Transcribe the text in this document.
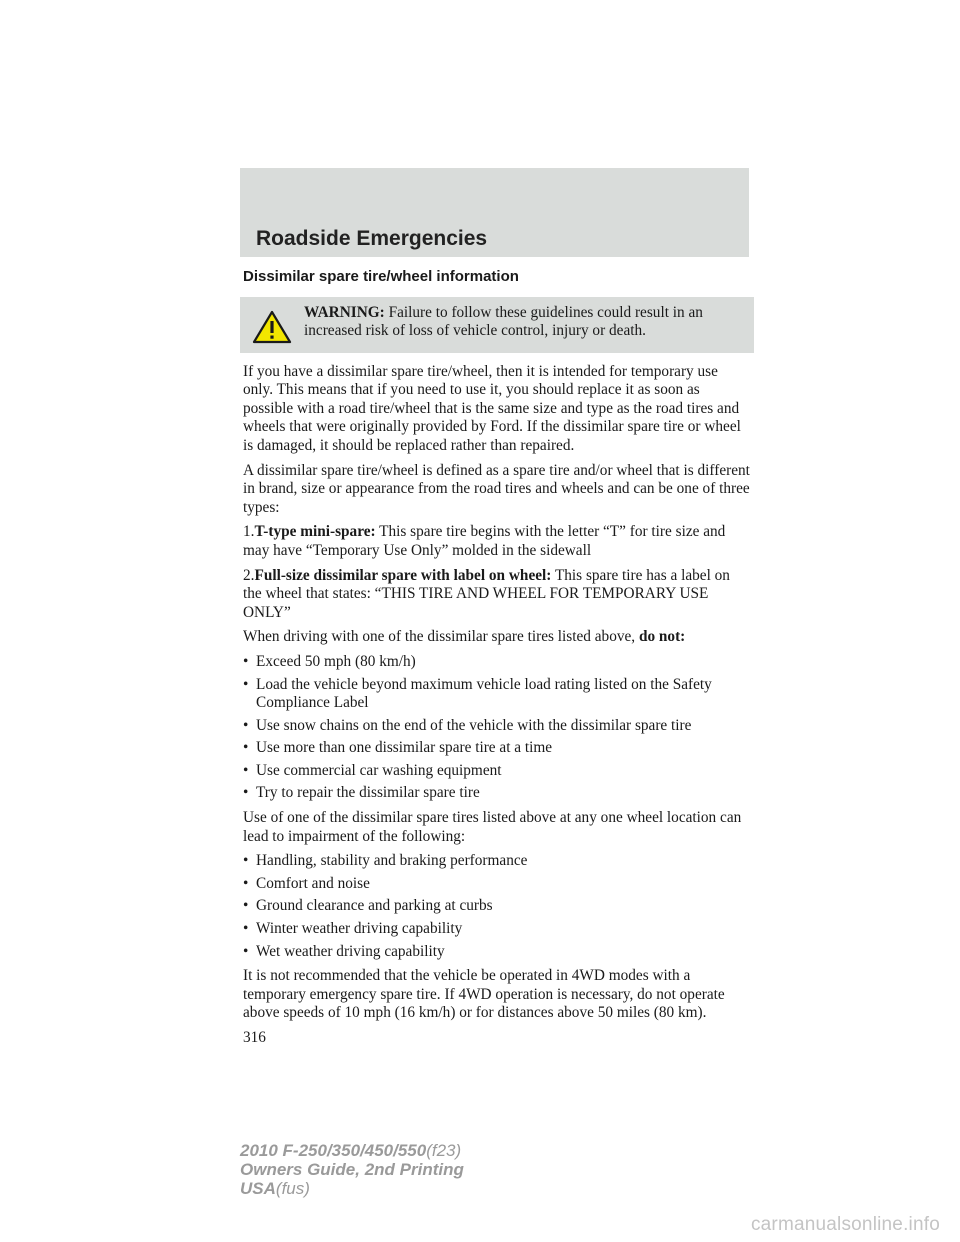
Roadside Emergencies
Dissimilar spare tire/wheel information
WARNING: Failure to follow these guidelines could result in an increased risk of loss of vehicle control, injury or death.

If you have a dissimilar spare tire/wheel, then it is intended for temporary use only. This means that if you need to use it, you should replace it as soon as possible with a road tire/wheel that is the same size and type as the road tires and wheels that were originally provided by Ford. If the dissimilar spare tire or wheel is damaged, it should be replaced rather than repaired.

A dissimilar spare tire/wheel is defined as a spare tire and/or wheel that is different in brand, size or appearance from the road tires and wheels and can be one of three types:

1.T-type mini-spare: This spare tire begins with the letter “T” for tire size and may have “Temporary Use Only” molded in the sidewall

2.Full-size dissimilar spare with label on wheel: This spare tire has a label on the wheel that states: “THIS TIRE AND WHEEL FOR TEMPORARY USE ONLY”

When driving with one of the dissimilar spare tires listed above, do not:

• Exceed 50 mph (80 km/h)
• Load the vehicle beyond maximum vehicle load rating listed on the Safety Compliance Label
• Use snow chains on the end of the vehicle with the dissimilar spare tire
• Use more than one dissimilar spare tire at a time
• Use commercial car washing equipment
• Try to repair the dissimilar spare tire

Use of one of the dissimilar spare tires listed above at any one wheel location can lead to impairment of the following:

• Handling, stability and braking performance
• Comfort and noise
• Ground clearance and parking at curbs
• Winter weather driving capability
• Wet weather driving capability

It is not recommended that the vehicle be operated in 4WD modes with a temporary emergency spare tire. If 4WD operation is necessary, do not operate above speeds of 10 mph (16 km/h) or for distances above 50 miles (80 km).

316
2010 F-250/350/450/550(f23)
Owners Guide, 2nd Printing
USA(fus)
carmanualsonline.info
